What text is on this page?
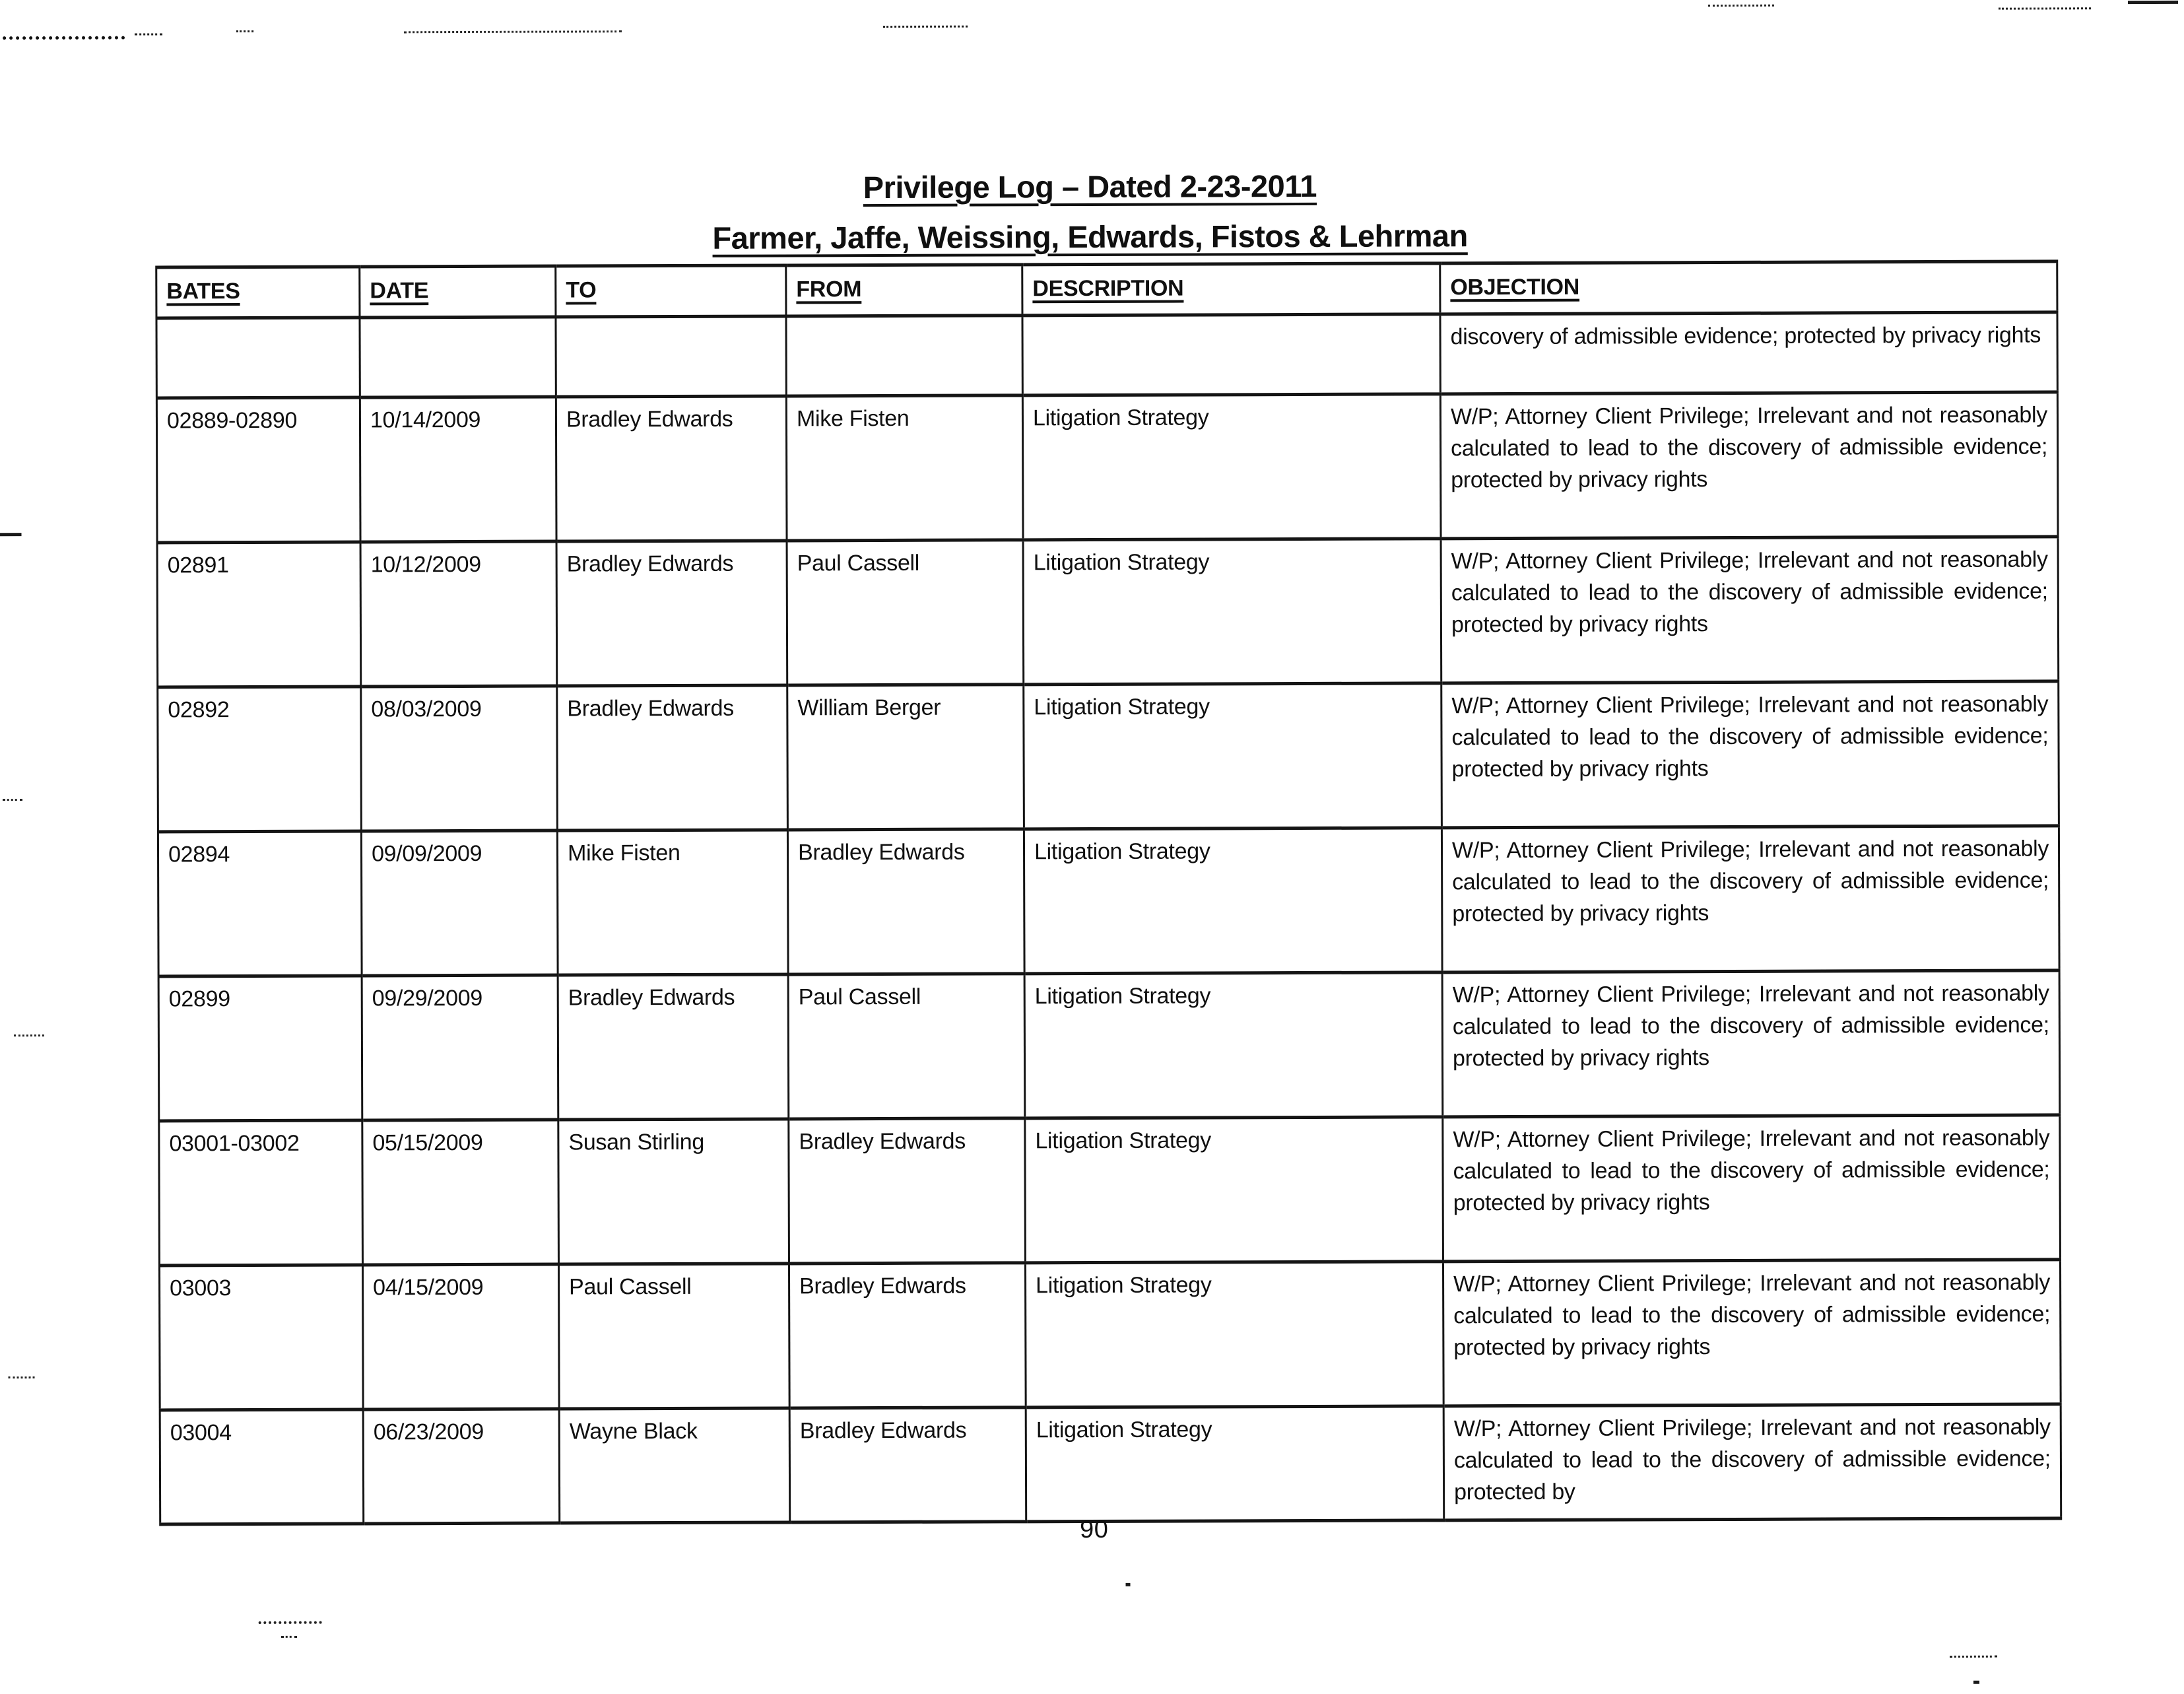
Privilege Log – Dated 2-23-2011
Farmer, Jaffe, Weissing, Edwards, Fistos & Lehrman
BATES	DATE	TO	FROM	DESCRIPTION	OBJECTION
					discovery of admissible evidence; protected by privacy rights
02889-02890	10/14/2009	Bradley Edwards	Mike Fisten	Litigation Strategy	W/P; Attorney Client Privilege; Irrelevant and not reasonably calculated to lead to the discovery of admissible evidence; protected by privacy rights
02891	10/12/2009	Bradley Edwards	Paul Cassell	Litigation Strategy	W/P; Attorney Client Privilege; Irrelevant and not reasonably calculated to lead to the discovery of admissible evidence; protected by privacy rights
02892	08/03/2009	Bradley Edwards	William Berger	Litigation Strategy	W/P; Attorney Client Privilege; Irrelevant and not reasonably calculated to lead to the discovery of admissible evidence; protected by privacy rights
02894	09/09/2009	Mike Fisten	Bradley Edwards	Litigation Strategy	W/P; Attorney Client Privilege; Irrelevant and not reasonably calculated to lead to the discovery of admissible evidence; protected by privacy rights
02899	09/29/2009	Bradley Edwards	Paul Cassell	Litigation Strategy	W/P; Attorney Client Privilege; Irrelevant and not reasonably calculated to lead to the discovery of admissible evidence; protected by privacy rights
03001-03002	05/15/2009	Susan Stirling	Bradley Edwards	Litigation Strategy	W/P; Attorney Client Privilege; Irrelevant and not reasonably calculated to lead to the discovery of admissible evidence; protected by privacy rights
03003	04/15/2009	Paul Cassell	Bradley Edwards	Litigation Strategy	W/P; Attorney Client Privilege; Irrelevant and not reasonably calculated to lead to the discovery of admissible evidence; protected by privacy rights
03004	06/23/2009	Wayne Black	Bradley Edwards	Litigation Strategy	W/P; Attorney Client Privilege; Irrelevant and not reasonably calculated to lead to the discovery of admissible evidence; protected by
90
